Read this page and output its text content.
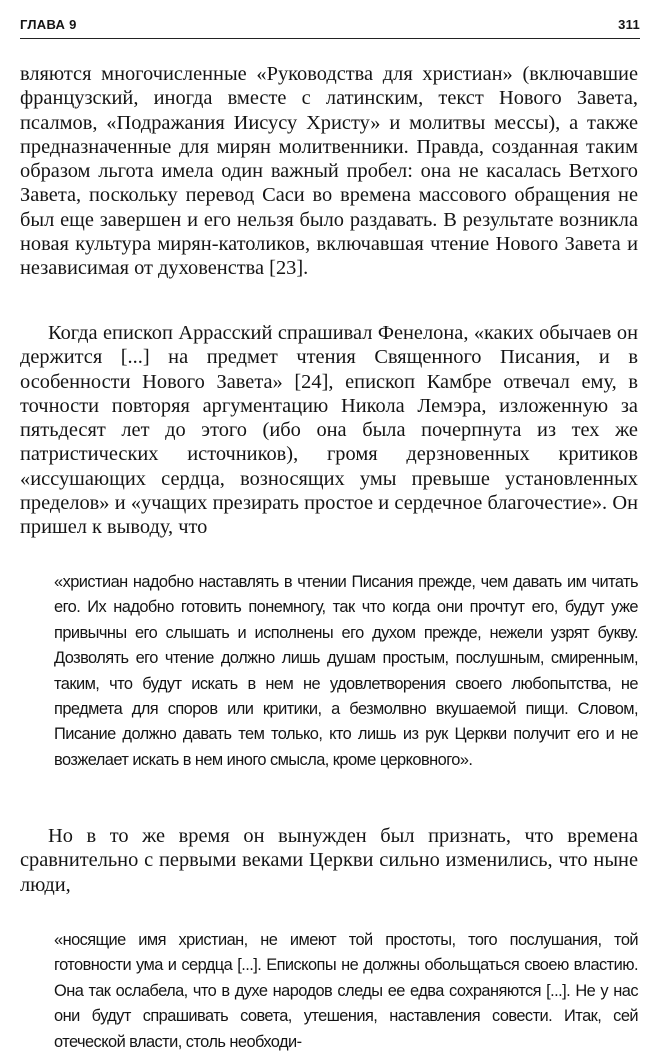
ГЛАВА 9	311

вляются многочисленные «Руководства для христиан» (включавшие французский, иногда вместе с латинским, текст Нового Завета, псалмов, «Подражания Иисусу Христу» и молитвы мессы), а также предназначенные для мирян молитвенники. Правда, созданная таким образом льгота имела один важный пробел: она не касалась Ветхого Завета, поскольку перевод Саси во времена массового обращения не был еще завершен и его нельзя было раздавать. В результате возникла новая культура мирян-католиков, включавшая чтение Нового Завета и независимая от духовенства [23].

Когда епископ Аррасский спрашивал Фенелона, «каких обычаев он держится [...] на предмет чтения Священного Писания, и в особенности Нового Завета» [24], епископ Камбре отвечал ему, в точности повторяя аргументацию Никола Лемэра, изложенную за пятьдесят лет до этого (ибо она была почерпнута из тех же патристических источников), громя дерзновенных критиков «иссушающих сердца, возносящих умы превыше установленных пределов» и «учащих презирать простое и сердечное благочестие». Он пришел к выводу, что

«христиан надобно наставлять в чтении Писания прежде, чем давать им читать его. Их надобно готовить понемногу, так что когда они прочтут его, будут уже привычны его слышать и исполнены его духом прежде, нежели узрят букву. Дозволять его чтение должно лишь душам простым, послушным, смиренным, таким, что будут искать в нем не удовлетворения своего любопытства, не предмета для споров или критики, а безмолвно вкушаемой пищи. Словом, Писание должно давать тем только, кто лишь из рук Церкви получит его и не возжелает искать в нем иного смысла, кроме церковного».

Но в то же время он вынужден был признать, что времена сравнительно с первыми веками Церкви сильно изменились, что ныне люди,

«носящие имя христиан, не имеют той простоты, того послушания, той готовности ума и сердца [...]. Епископы не должны обольщаться своею властию. Она так ослабела, что в духе народов следы ее едва сохраняются [...]. Не у нас они будут спрашивать совета, утешения, наставления совести. Итак, сей отеческой власти, столь необходи-
